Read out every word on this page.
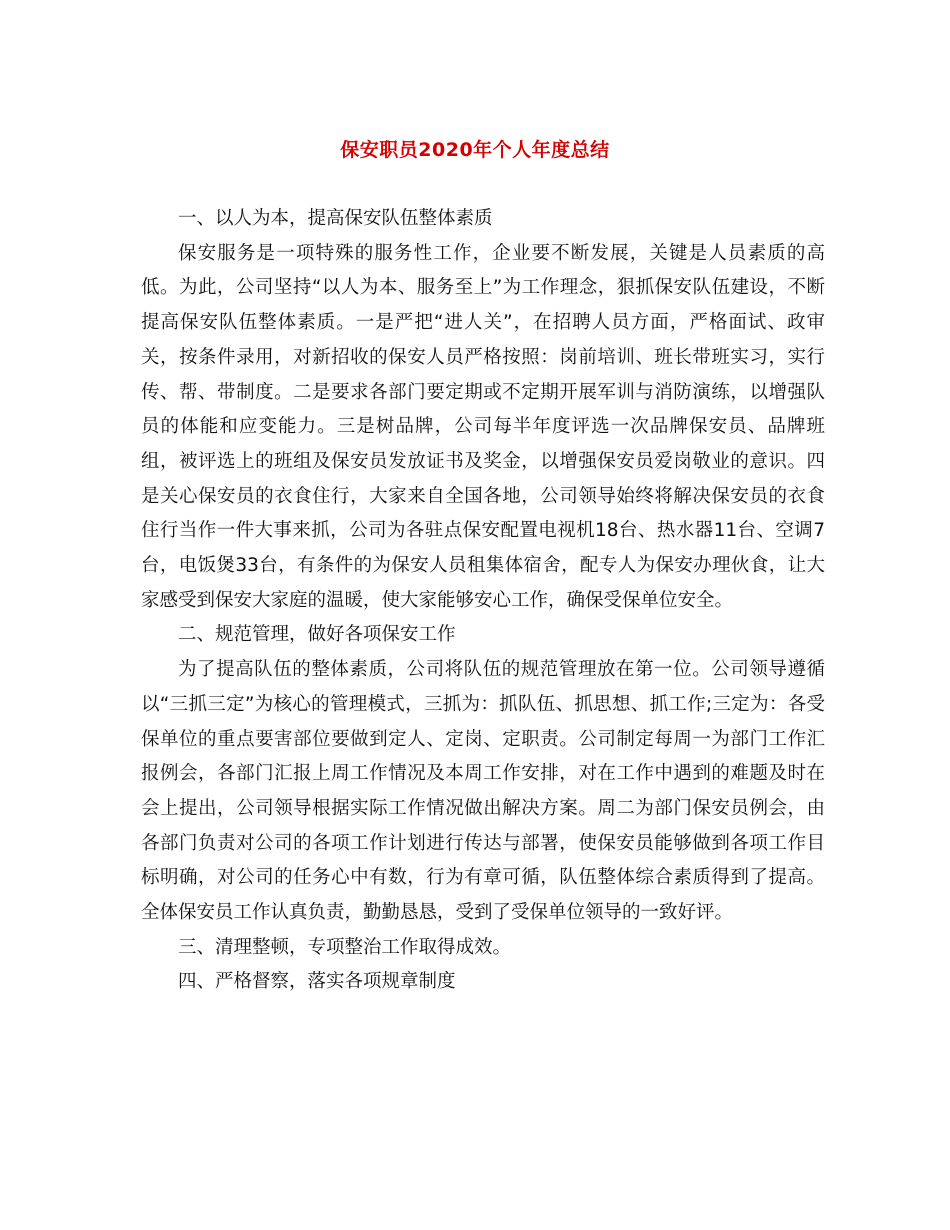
保安职员2020年个人年度总结

一、以人为本，提高保安队伍整体素质

保安服务是一项特殊的服务性工作，企业要不断发展，关键是人员素质的高低。为此，公司坚持“以人为本、服务至上”为工作理念，狠抓保安队伍建设，不断提高保安队伍整体素质。一是严把“进人关”，在招聘人员方面，严格面试、政审关，按条件录用，对新招收的保安人员严格按照：岗前培训、班长带班实习，实行传、帮、带制度。二是要求各部门要定期或不定期开展军训与消防演练，以增强队员的体能和应变能力。三是树品牌，公司每半年度评选一次品牌保安员、品牌班组，被评选上的班组及保安员发放证书及奖金，以增强保安员爱岗敬业的意识。四是关心保安员的衣食住行，大家来自全国各地，公司领导始终将解决保安员的衣食住行当作一件大事来抓，公司为各驻点保安配置电视机18台、热水器11台、空调7台，电饭煲33台，有条件的为保安人员租集体宿舍，配专人为保安办理伙食，让大家感受到保安大家庭的温暖，使大家能够安心工作，确保受保单位安全。

二、规范管理，做好各项保安工作

为了提高队伍的整体素质，公司将队伍的规范管理放在第一位。公司领导遵循以“三抓三定”为核心的管理模式，三抓为：抓队伍、抓思想、抓工作;三定为：各受保单位的重点要害部位要做到定人、定岗、定职责。公司制定每周一为部门工作汇报例会，各部门汇报上周工作情况及本周工作安排，对在工作中遇到的难题及时在会上提出，公司领导根据实际工作情况做出解决方案。周二为部门保安员例会，由各部门负责对公司的各项工作计划进行传达与部署，使保安员能够做到各项工作目标明确，对公司的任务心中有数，行为有章可循，队伍整体综合素质得到了提高。全体保安员工作认真负责，勤勤恳恳，受到了受保单位领导的一致好评。

三、清理整顿，专项整治工作取得成效。

四、严格督察，落实各项规章制度
